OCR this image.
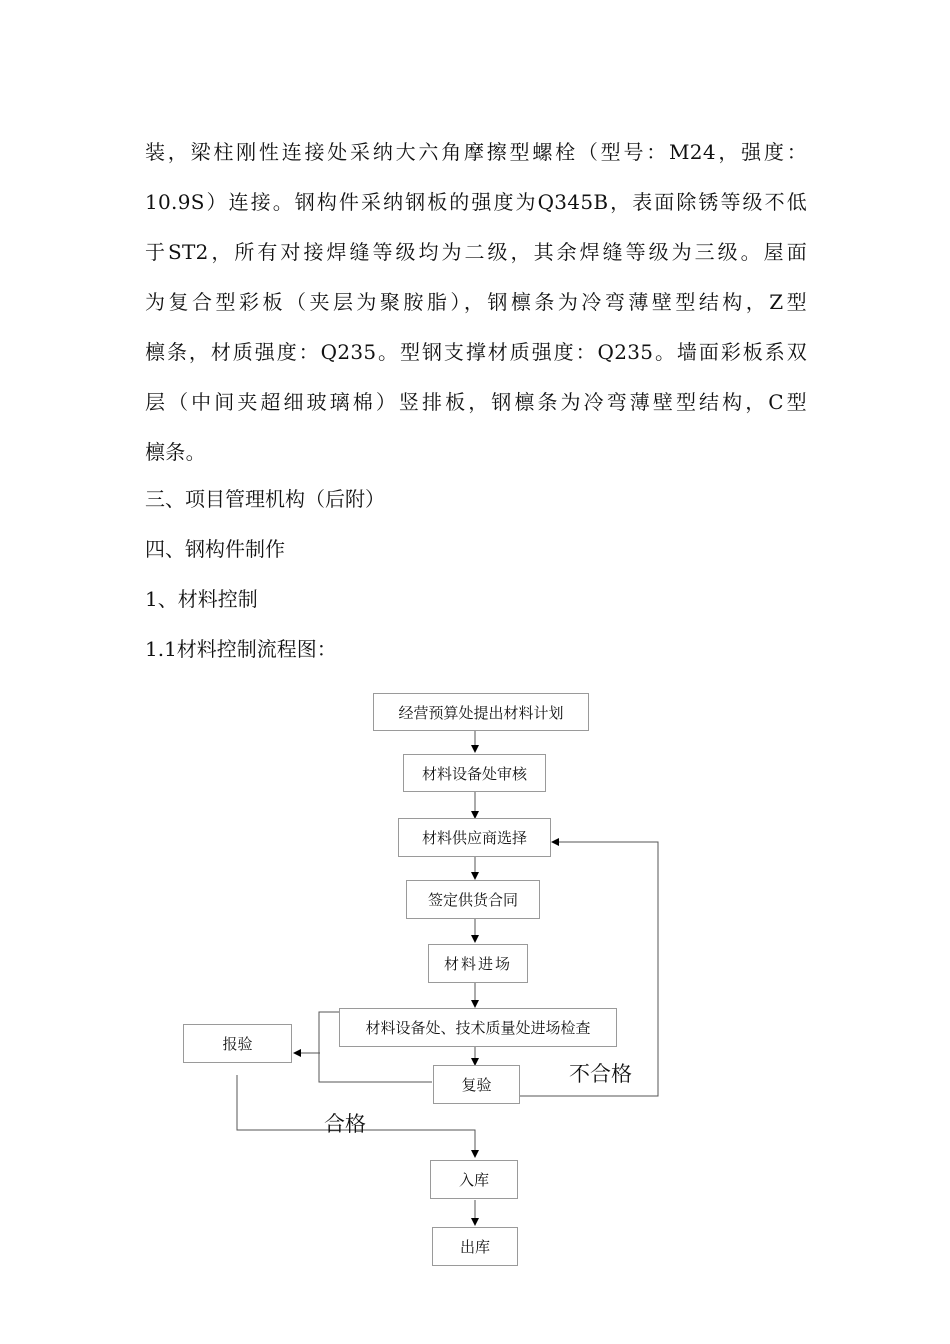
装，梁柱刚性连接处采纳大六角摩擦型螺栓（型号：M24，强度：
10.9S）连接。钢构件采纳钢板的强度为Q345B，表面除锈等级不低
于ST2，所有对接焊缝等级均为二级，其余焊缝等级为三级。屋面
为复合型彩板（夹层为聚胺脂），钢檩条为冷弯薄壁型结构，Z型
檩条，材质强度：Q235。型钢支撑材质强度：Q235。墙面彩板系双
层（中间夹超细玻璃棉）竖排板，钢檩条为冷弯薄壁型结构，C型
檩条。
三、项目管理机构（后附）
四、钢构件制作
1、材料控制
1.1材料控制流程图：
经营预算处提出材料计划
材料设备处审核
材料供应商选择
签定供货合同
材料进场
材料设备处、技术质量处进场检查
报验
复验
入库
出库
不合格
合格
